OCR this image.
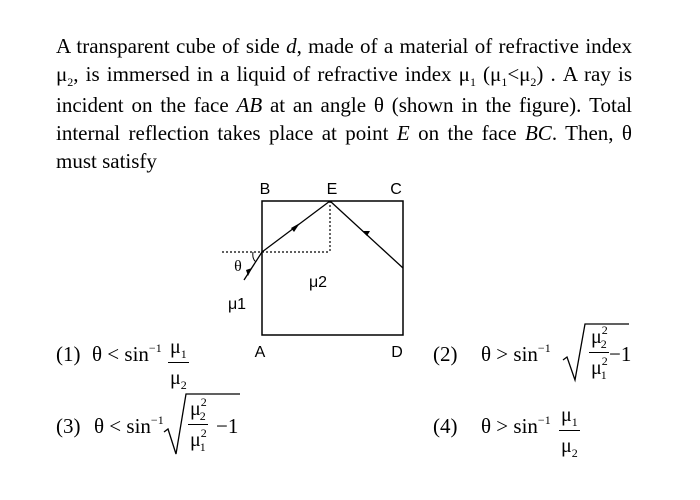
A transparent cube of side d, made of a material of refractive index $\mu_2$, is immersed in a liquid of refractive index $\mu_1$ $(\mu_1<\mu_2)$ . A ray is incident on the face AB at an angle θ (shown in the figure). Total internal reflection takes place at point E on the face BC. Then, θ must satisfy
B	E	C
A	D
θ
μ2
μ1
(1) $\theta < \sin^{-1} \frac{\mu_1}{\mu_2}$	(2) $\theta > \sin^{-1} \frac{\mu^2_2}{\mu^2_1} -1$
(3) $\theta < \sin^{-1} \frac{\mu^2_2}{\mu^2_1} -1$	(4) $\theta > \sin^{-1} \frac{\mu_1}{\mu_2}$
